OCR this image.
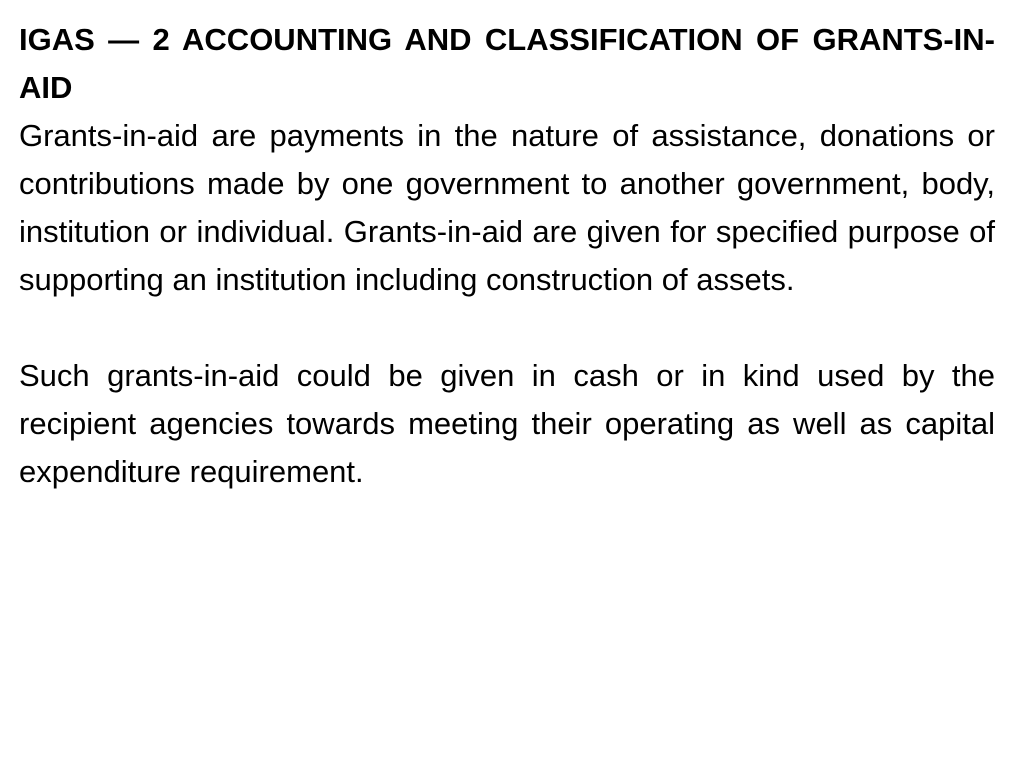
IGAS — 2 ACCOUNTING AND CLASSIFICATION OF GRANTS-IN-AID

Grants-in-aid are payments in the nature of assistance, donations or contributions made by one government to another government, body, institution or individual. Grants-in-aid are given for specified purpose of supporting an institution including construction of assets.

Such grants-in-aid could be given in cash or in kind used by the recipient agencies towards meeting their operating as well as capital expenditure requirement.
